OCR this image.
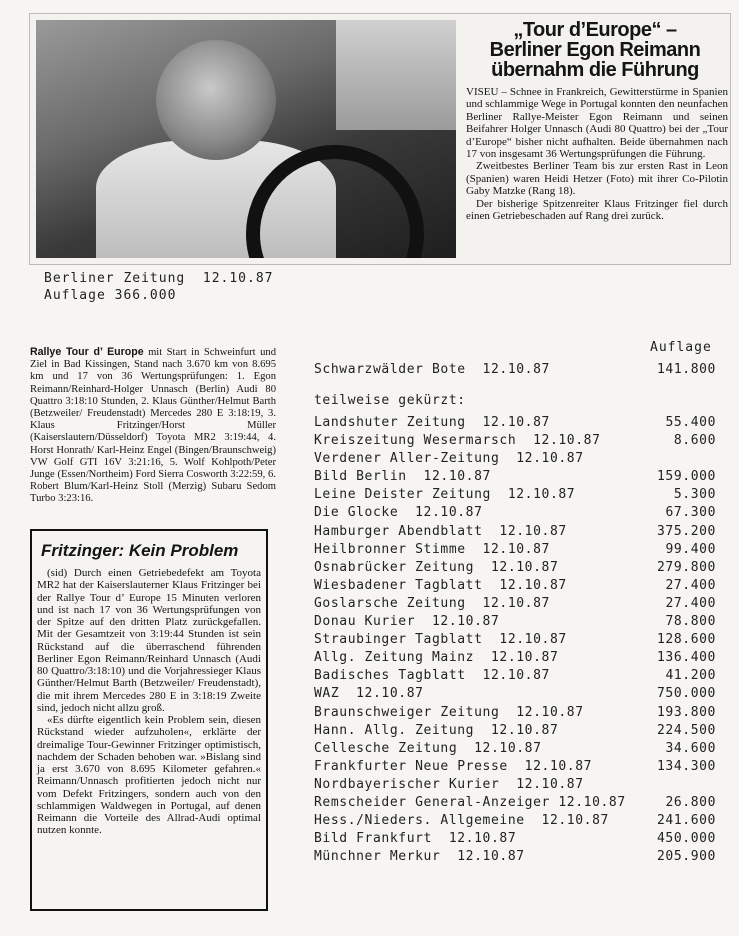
„Tour d’Europe“ –
Berliner Egon Reimann
übernahm die Führung

VISEU – Schnee in Frankreich, Gewitterstürme in Spanien und schlammige Wege in Portugal konnten den neunfachen Berliner Rallye-Meister Egon Reimann und seinen Beifahrer Holger Unnasch (Audi 80 Quattro) bei der „Tour d’Europe“ bisher nicht aufhalten. Beide übernahmen nach 17 von insgesamt 36 Wertungsprüfungen die Führung.

Zweitbestes Berliner Team bis zur ersten Rast in Leon (Spanien) waren Heidi Hetzer (Foto) mit ihrer Co-Pilotin Gaby Matzke (Rang 18).

Der bisherige Spitzenreiter Klaus Fritzinger fiel durch einen Getriebeschaden auf Rang drei zurück.

Berliner Zeitung  12.10.87
Auflage 366.000
Rallye Tour d’ Europe mit Start in Schweinfurt und Ziel in Bad Kissingen, Stand nach 3.670 km von 8.695 km und 17 von 36 Wertungsprüfungen: 1. Egon Reimann/Reinhard-Holger Unnasch (Berlin) Audi 80 Quattro 3:18:10 Stunden, 2. Klaus Günther/Helmut Barth (Betzweiler/ Freudenstadt) Mercedes 280 E 3:18:19, 3. Klaus Fritzinger/Horst Müller (Kaiserslautern/Düsseldorf) Toyota MR2 3:19:44, 4. Horst Honrath/ Karl-Heinz Engel (Bingen/Braunschweig) VW Golf GTI 16V 3:21:16, 5. Wolf Kohlpoth/Peter Junge (Essen/Northeim) Ford Sierra Cosworth 3:22:59, 6. Robert Blum/Karl-Heinz Stoll (Merzig) Subaru Sedom Turbo 3:23:16.
Fritzinger: Kein Problem

(sid) Durch einen Getriebedefekt am Toyota MR2 hat der Kaiserslauterner Klaus Fritzinger bei der Rallye Tour d’ Europe 15 Minuten verloren und ist nach 17 von 36 Wertungsprüfungen von der Spitze auf den dritten Platz zurückgefallen. Mit der Gesamtzeit von 3:19:44 Stunden ist sein Rückstand auf die überraschend führenden Berliner Egon Reimann/Reinhard Unnasch (Audi 80 Quattro/3:18:10) und die Vorjahressieger Klaus Günther/Helmut Barth (Betzweiler/ Freudenstadt), die mit ihrem Mercedes 280 E in 3:18:19 Zweite sind, jedoch nicht allzu groß.

«Es dürfte eigentlich kein Problem sein, diesen Rückstand wieder aufzuholen«, erklärte der dreimalige Tour-Gewinner Fritzinger optimistisch, nachdem der Schaden behoben war. »Bislang sind ja erst 3.670 von 8.695 Kilometer gefahren.« Reimann/Unnasch profitierten jedoch nicht nur vom Defekt Fritzingers, sondern auch von den schlammigen Waldwegen in Portugal, auf denen Reimann die Vorteile des Allrad-Audi optimal nutzen konnte.

Auflage
Schwarzwälder Bote  12.10.87	141.800
teilweise gekürzt:
Landshuter Zeitung  12.10.87	55.400
Kreiszeitung Wesermarsch  12.10.87	8.600
Verdener Aller-Zeitung  12.10.87
Bild Berlin  12.10.87	159.000
Leine Deister Zeitung  12.10.87	5.300
Die Glocke  12.10.87	67.300
Hamburger Abendblatt  12.10.87	375.200
Heilbronner Stimme  12.10.87	99.400
Osnabrücker Zeitung  12.10.87	279.800
Wiesbadener Tagblatt  12.10.87	27.400
Goslarsche Zeitung  12.10.87	27.400
Donau Kurier  12.10.87	78.800
Straubinger Tagblatt  12.10.87	128.600
Allg. Zeitung Mainz  12.10.87	136.400
Badisches Tagblatt  12.10.87	41.200
WAZ  12.10.87	750.000
Braunschweiger Zeitung  12.10.87	193.800
Hann. Allg. Zeitung  12.10.87	224.500
Cellesche Zeitung  12.10.87	34.600
Frankfurter Neue Presse  12.10.87	134.300
Nordbayerischer Kurier  12.10.87
Remscheider General-Anzeiger 12.10.87	26.800
Hess./Nieders. Allgemeine  12.10.87	241.600
Bild Frankfurt  12.10.87	450.000
Münchner Merkur  12.10.87	205.900
